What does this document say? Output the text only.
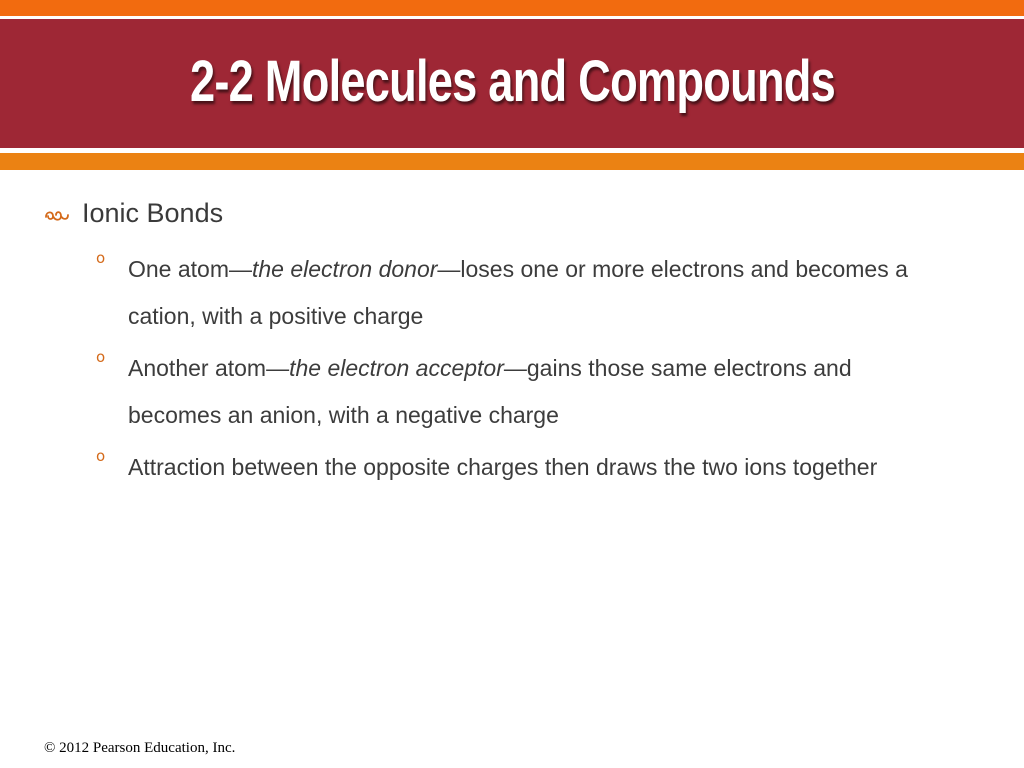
2-2 Molecules and Compounds
Ionic Bonds
o One atom—the electron donor—loses one or more electrons and becomes a cation, with a positive charge
o Another atom—the electron acceptor—gains those same electrons and becomes an anion, with a negative charge
o Attraction between the opposite charges then draws the two ions together
© 2012 Pearson Education, Inc.
